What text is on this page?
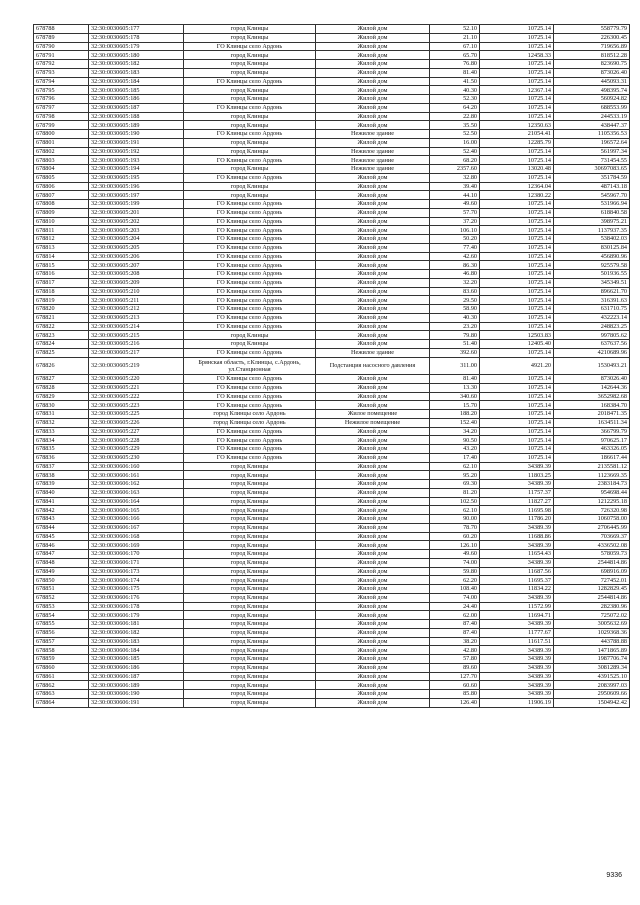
678788	32:30:0030605:177	город Клинцы	Жилой дом	52.10	10725.14	558779.79
678789	32:30:0030605:178	город Клинцы	Жилой дом	21.10	10725.14	226300.45
678790	32:30:0030605:179	ГО Клинцы село Ардонь	Жилой дом	67.10	10725.14	719656.89
678791	32:30:0030605:180	город Клинцы	Жилой дом	65.70	12458.33	818512.28
678792	32:30:0030605:182	город Клинцы	Жилой дом	76.80	10725.14	823690.75
678793	32:30:0030605:183	город Клинцы	Жилой дом	81.40	10725.14	873026.40
678794	32:30:0030605:184	ГО Клинцы село Ардонь	Жилой дом	41.50	10725.14	445093.31
678795	32:30:0030605:185	город Клинцы	Жилой дом	40.30	12367.14	498395.74
678796	32:30:0030605:186	город Клинцы	Жилой дом	52.30	10725.14	560924.82
678797	32:30:0030605:187	ГО Клинцы село Ардонь	Жилой дом	64.20	10725.14	688553.99
678798	32:30:0030605:188	город Клинцы	Жилой дом	22.80	10725.14	244533.19
678799	32:30:0030605:189	город Клинцы	Жилой дом	35.50	12350.63	438447.37
678800	32:30:0030605:190	ГО Клинцы село Ардонь	Нежилое здание	52.50	21054.41	1105356.53
678801	32:30:0030605:191	город Клинцы	Жилой дом	16.00	12285.79	196572.64
678802	32:30:0030605:192	город Клинцы	Нежилое здание	52.40	10725.14	561997.34
678803	32:30:0030605:193	ГО Клинцы село Ардонь	Нежилое здание	68.20	10725.14	731454.55
678804	32:30:0030605:194	город Клинцы	Нежилое здание	2357.60	13020.48	30697083.65
678805	32:30:0030605:195	ГО Клинцы село Ардонь	Жилой дом	32.80	10725.14	351784.59
678806	32:30:0030605:196	город Клинцы	Жилой дом	39.40	12364.04	487143.18
678807	32:30:0030605:197	город Клинцы	Жилой дом	44.10	12380.22	545967.70
678808	32:30:0030605:199	ГО Клинцы село Ардонь	Жилой дом	49.60	10725.14	531966.94
678809	32:30:0030605:201	ГО Клинцы село Ардонь	Жилой дом	57.70	10725.14	618840.58
678810	32:30:0030605:202	ГО Клинцы село Ардонь	Жилой дом	37.20	10725.14	398975.21
678811	32:30:0030605:203	ГО Клинцы село Ардонь	Жилой дом	106.10	10725.14	1137937.35
678812	32:30:0030605:204	ГО Клинцы село Ардонь	Жилой дом	50.20	10725.14	538402.03
678813	32:30:0030605:205	ГО Клинцы село Ардонь	Жилой дом	77.40	10725.14	830125.84
678814	32:30:0030605:206	ГО Клинцы село Ардонь	Жилой дом	42.60	10725.14	456890.96
678815	32:30:0030605:207	ГО Клинцы село Ардонь	Жилой дом	86.30	10725.14	925579.58
678816	32:30:0030605:208	ГО Клинцы село Ардонь	Жилой дом	46.80	10725.14	501936.55
678817	32:30:0030605:209	ГО Клинцы село Ардонь	Жилой дом	32.20	10725.14	345349.51
678818	32:30:0030605:210	ГО Клинцы село Ардонь	Жилой дом	83.60	10725.14	896621.70
678819	32:30:0030605:211	ГО Клинцы село Ардонь	Жилой дом	29.50	10725.14	316391.63
678820	32:30:0030605:212	ГО Клинцы село Ардонь	Жилой дом	58.90	10725.14	631710.75
678821	32:30:0030605:213	ГО Клинцы село Ардонь	Жилой дом	40.30	10725.14	432223.14
678822	32:30:0030605:214	ГО Клинцы село Ардонь	Жилой дом	23.20	10725.14	248823.25
678823	32:30:0030605:215	город Клинцы	Жилой дом	79.80	12503.83	997805.62
678824	32:30:0030605:216	город Клинцы	Жилой дом	51.40	12405.40	637637.56
678825	32:30:0030605:217	ГО Клинцы село Ардонь	Нежилое здание	392.60	10725.14	4210689.96
678826	32:30:0030605:219	Брянская область, г.Клинцы, с.Ардонь, ул.Станционная	Подстанция насосного давления	311.00	4921.20	1530493.21
678827	32:30:0030605:220	ГО Клинцы село Ардонь	Жилой дом	81.40	10725.14	873026.40
678828	32:30:0030605:221	ГО Клинцы село Ардонь	Жилой дом	13.30	10725.14	142644.36
678829	32:30:0030605:222	ГО Клинцы село Ардонь	Жилой дом	340.60	10725.14	3652982.68
678830	32:30:0030605:223	ГО Клинцы село Ардонь	Жилой дом	15.70	10725.14	168384.70
678831	32:30:0030605:225	город Клинцы село Ардонь	Жилое помещение	188.20	10725.14	2018471.35
678832	32:30:0030605:226	город Клинцы село Ардонь	Нежилое помещение	152.40	10725.14	1634511.34
678833	32:30:0030605:227	ГО Клинцы село Ардонь	Жилой дом	34.20	10725.14	366799.79
678834	32:30:0030605:228	ГО Клинцы село Ардонь	Жилой дом	90.50	10725.14	970625.17
678835	32:30:0030605:229	ГО Клинцы село Ардонь	Жилой дом	43.20	10725.14	463326.05
678836	32:30:0030605:230	ГО Клинцы село Ардонь	Жилой дом	17.40	10725.14	186617.44
678837	32:30:0030606:160	город Клинцы	Жилой дом	62.10	34389.39	2135581.12
678838	32:30:0030606:161	город Клинцы	Жилой дом	95.20	11803.25	1123669.35
678839	32:30:0030606:162	город Клинцы	Жилой дом	69.30	34389.39	2383184.73
678840	32:30:0030606:163	город Клинцы	Жилой дом	81.20	11757.37	954698.44
678841	32:30:0030606:164	город Клинцы	Жилой дом	102.50	11827.27	1212295.18
678842	32:30:0030606:165	город Клинцы	Жилой дом	62.10	11695.98	726320.98
678843	32:30:0030606:166	город Клинцы	Жилой дом	90.00	11786.20	1060758.00
678844	32:30:0030606:167	город Клинцы	Жилой дом	78.70	34389.39	2706445.99
678845	32:30:0030606:168	город Клинцы	Жилой дом	60.20	11688.86	703669.37
678846	32:30:0030606:169	город Клинцы	Жилой дом	126.10	34389.39	4336502.08
678847	32:30:0030606:170	город Клинцы	Жилой дом	49.60	11654.43	578059.73
678848	32:30:0030606:171	город Клинцы	Жилой дом	74.00	34389.39	2544814.86
678849	32:30:0030606:173	город Клинцы	Жилой дом	59.80	11687.56	698916.09
678850	32:30:0030606:174	город Клинцы	Жилой дом	62.20	11695.37	727452.01
678851	32:30:0030606:175	город Клинцы	Жилой дом	108.40	11834.22	1282829.45
678852	32:30:0030606:176	город Клинцы	Жилой дом	74.00	34389.39	2544814.86
678853	32:30:0030606:178	город Клинцы	Жилой дом	24.40	11572.99	282380.96
678854	32:30:0030606:179	город Клинцы	Жилой дом	62.00	11694.71	725072.02
678855	32:30:0030606:181	город Клинцы	Жилой дом	87.40	34389.39	3005632.69
678856	32:30:0030606:182	город Клинцы	Жилой дом	87.40	11777.67	1029368.36
678857	32:30:0030606:183	город Клинцы	Жилой дом	38.20	11617.51	443788.88
678858	32:30:0030606:184	город Клинцы	Жилой дом	42.80	34389.39	1471865.89
678859	32:30:0030606:185	город Клинцы	Жилой дом	57.80	34389.39	1987706.74
678860	32:30:0030606:186	город Клинцы	Жилой дом	89.60	34389.39	3081289.34
678861	32:30:0030606:187	город Клинцы	Жилой дом	127.70	34389.39	4391525.10
678862	32:30:0030606:189	город Клинцы	Жилой дом	60.60	34389.39	2083997.03
678863	32:30:0030606:190	город Клинцы	Жилой дом	85.80	34389.39	2950609.66
678864	32:30:0030606:191	город Клинцы	Жилой дом	126.40	11906.19	1504942.42
9336
